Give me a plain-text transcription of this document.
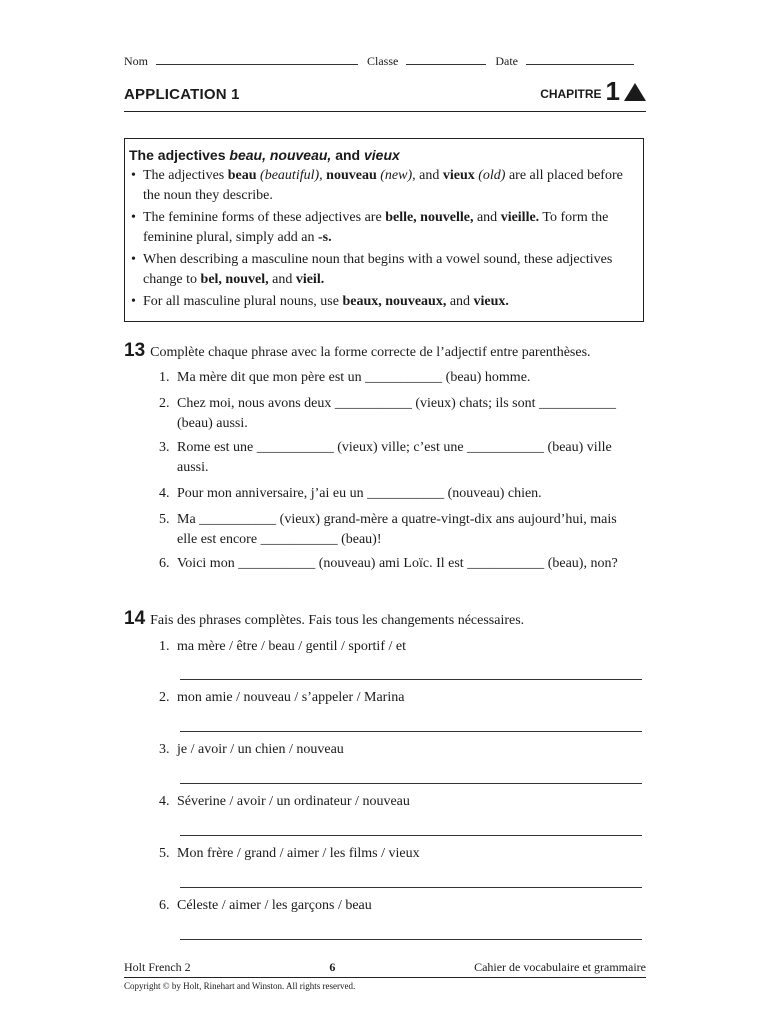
Nom	Classe	Date
APPLICATION 1	CHAPITRE 1
The adjectives beau, nouveau, and vieux
• The adjectives beau (beautiful), nouveau (new), and vieux (old) are all placed before the noun they describe.
• The feminine forms of these adjectives are belle, nouvelle, and vieille. To form the feminine plural, simply add an -s.
• When describing a masculine noun that begins with a vowel sound, these adjectives change to bel, nouvel, and vieil.
• For all masculine plural nouns, use beaux, nouveaux, and vieux.
13 Complète chaque phrase avec la forme correcte de l’adjectif entre parenthèses.
1. Ma mère dit que mon père est un ___________ (beau) homme.
2. Chez moi, nous avons deux ___________ (vieux) chats; ils sont ___________ (beau) aussi.
3. Rome est une ___________ (vieux) ville; c’est une ___________ (beau) ville aussi.
4. Pour mon anniversaire, j’ai eu un ___________ (nouveau) chien.
5. Ma ___________ (vieux) grand-mère a quatre-vingt-dix ans aujourd’hui, mais elle est encore ___________ (beau)!
6. Voici mon ___________ (nouveau) ami Loïc. Il est ___________ (beau), non?
14 Fais des phrases complètes. Fais tous les changements nécessaires.
1. ma mère / être / beau / gentil / sportif / et
2. mon amie / nouveau / s’appeler / Marina
3. je / avoir / un chien / nouveau
4. Séverine / avoir / un ordinateur / nouveau
5. Mon frère / grand / aimer / les films / vieux
6. Céleste / aimer / les garçons / beau
Holt French 2	6	Cahier de vocabulaire et grammaire
Copyright © by Holt, Rinehart and Winston. All rights reserved.
